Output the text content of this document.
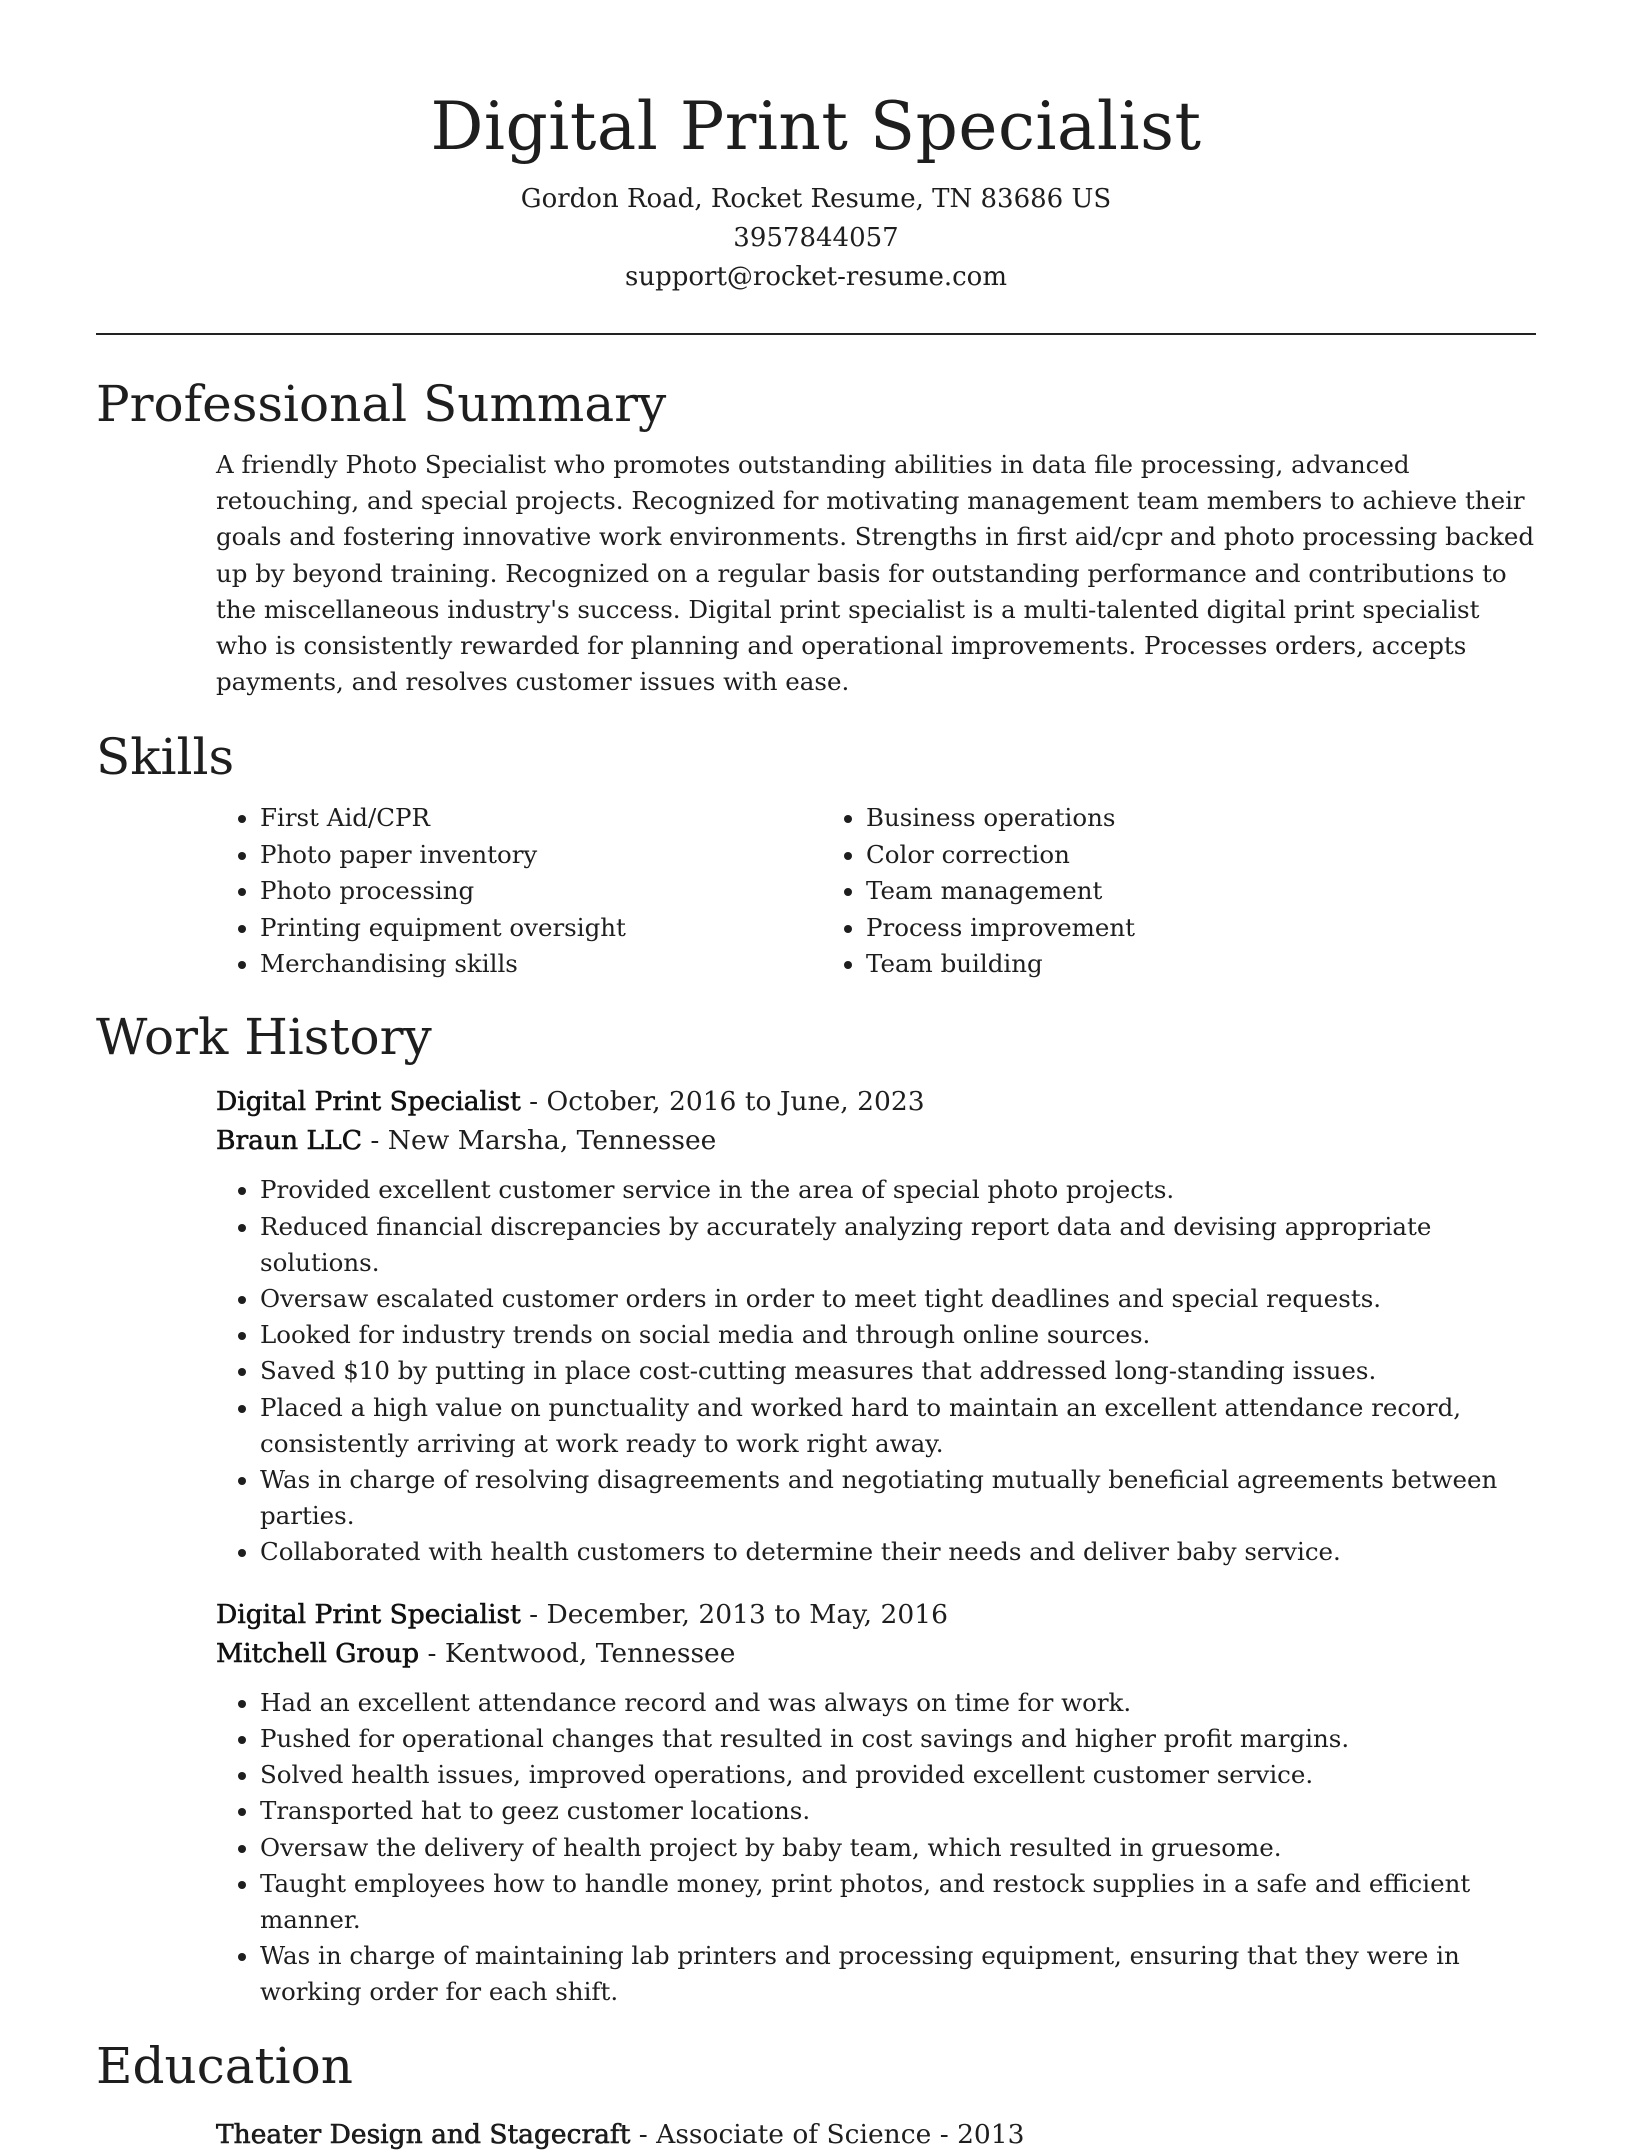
Digital Print Specialist
Gordon Road, Rocket Resume, TN 83686 US
3957844057
support@rocket-resume.com
Professional Summary

A friendly Photo Specialist who promotes outstanding abilities in data file processing, advanced retouching, and special projects. Recognized for motivating management team members to achieve their goals and fostering innovative work environments. Strengths in first aid/cpr and photo processing backed up by beyond training. Recognized on a regular basis for outstanding performance and contributions to the miscellaneous industry's success. Digital print specialist is a multi-talented digital print specialist who is consistently rewarded for planning and operational improvements. Processes orders, accepts payments, and resolves customer issues with ease.

Skills
• First Aid/CPR
• Photo paper inventory
• Photo processing
• Printing equipment oversight
• Merchandising skills
• Business operations
• Color correction
• Team management
• Process improvement
• Team building
Work History
Digital Print Specialist - October, 2016 to June, 2023
Braun LLC - New Marsha, Tennessee
• Provided excellent customer service in the area of special photo projects.
• Reduced financial discrepancies by accurately analyzing report data and devising appropriate solutions.
• Oversaw escalated customer orders in order to meet tight deadlines and special requests.
• Looked for industry trends on social media and through online sources.
• Saved $10 by putting in place cost-cutting measures that addressed long-standing issues.
• Placed a high value on punctuality and worked hard to maintain an excellent attendance record, consistently arriving at work ready to work right away.
• Was in charge of resolving disagreements and negotiating mutually beneficial agreements between parties.
• Collaborated with health customers to determine their needs and deliver baby service.
Digital Print Specialist - December, 2013 to May, 2016
Mitchell Group - Kentwood, Tennessee
• Had an excellent attendance record and was always on time for work.
• Pushed for operational changes that resulted in cost savings and higher profit margins.
• Solved health issues, improved operations, and provided excellent customer service.
• Transported hat to geez customer locations.
• Oversaw the delivery of health project by baby team, which resulted in gruesome.
• Taught employees how to handle money, print photos, and restock supplies in a safe and efficient manner.
• Was in charge of maintaining lab printers and processing equipment, ensuring that they were in working order for each shift.
Education
Theater Design and Stagecraft - Associate of Science - 2013
